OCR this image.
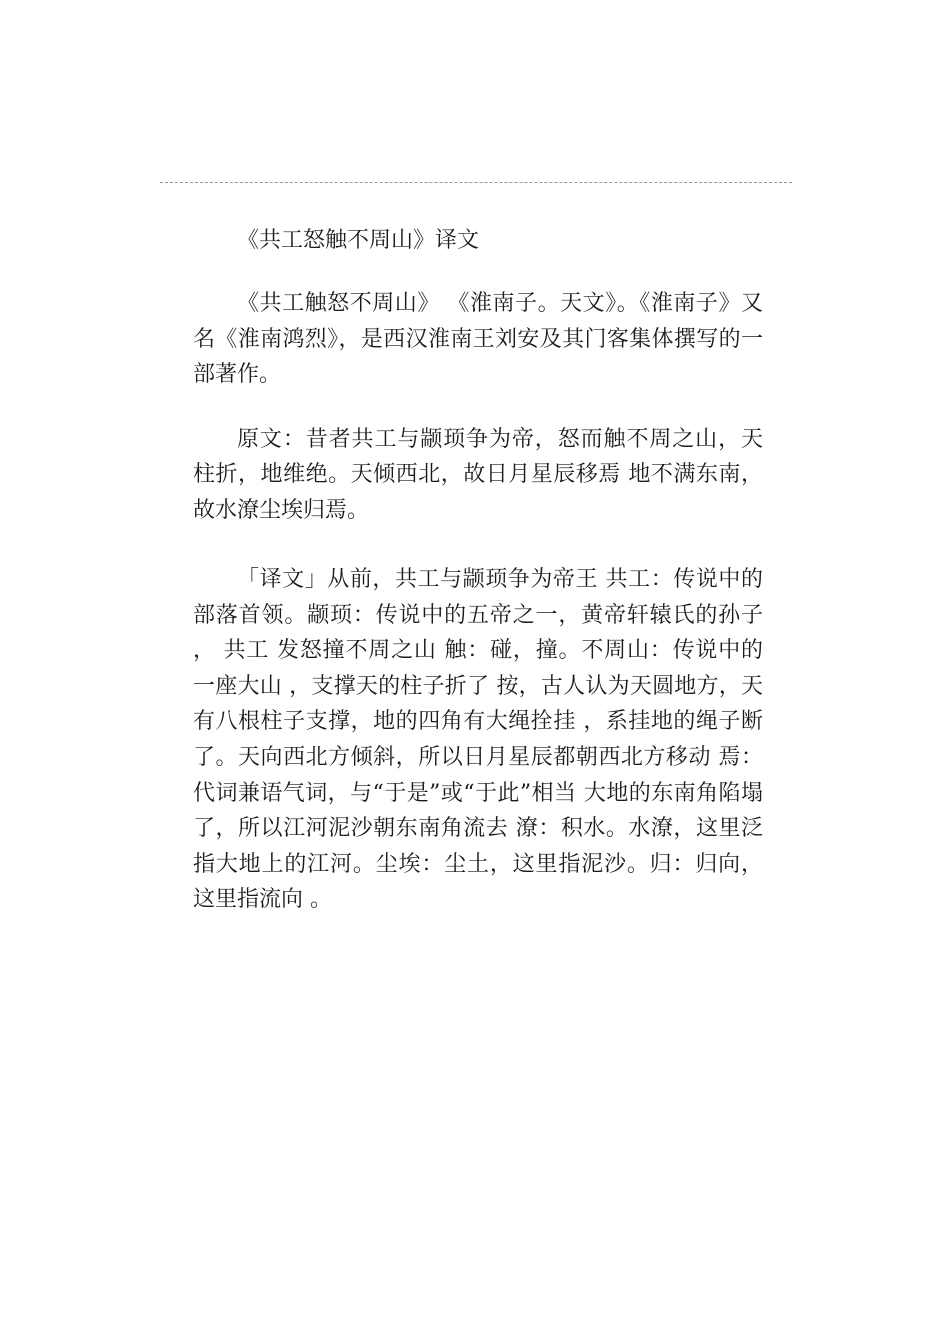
《共工怒触不周山》译文

《共工触怒不周山》 《淮南子。天文》。《淮南子》又名《淮南鸿烈》，是西汉淮南王刘安及其门客集体撰写的一部著作。

原文：昔者共工与颛顼争为帝，怒而触不周之山，天柱折，地维绝。天倾西北，故日月星辰移焉 地不满东南，故水潦尘埃归焉。

「译文」从前，共工与颛顼争为帝王 共工：传说中的部落首领。颛顼：传说中的五帝之一，黄帝轩辕氏的孙子 ， 共工 发怒撞不周之山 触：碰，撞。不周山：传说中的一座大山 ，支撑天的柱子折了 按，古人认为天圆地方，天有八根柱子支撑，地的四角有大绳拴挂 ，系挂地的绳子断了。天向西北方倾斜，所以日月星辰都朝西北方移动 焉：代词兼语气词，与“于是”或“于此”相当 大地的东南角陷塌了，所以江河泥沙朝东南角流去 潦：积水。水潦，这里泛指大地上的江河。尘埃：尘土，这里指泥沙。归：归向，这里指流向 。
